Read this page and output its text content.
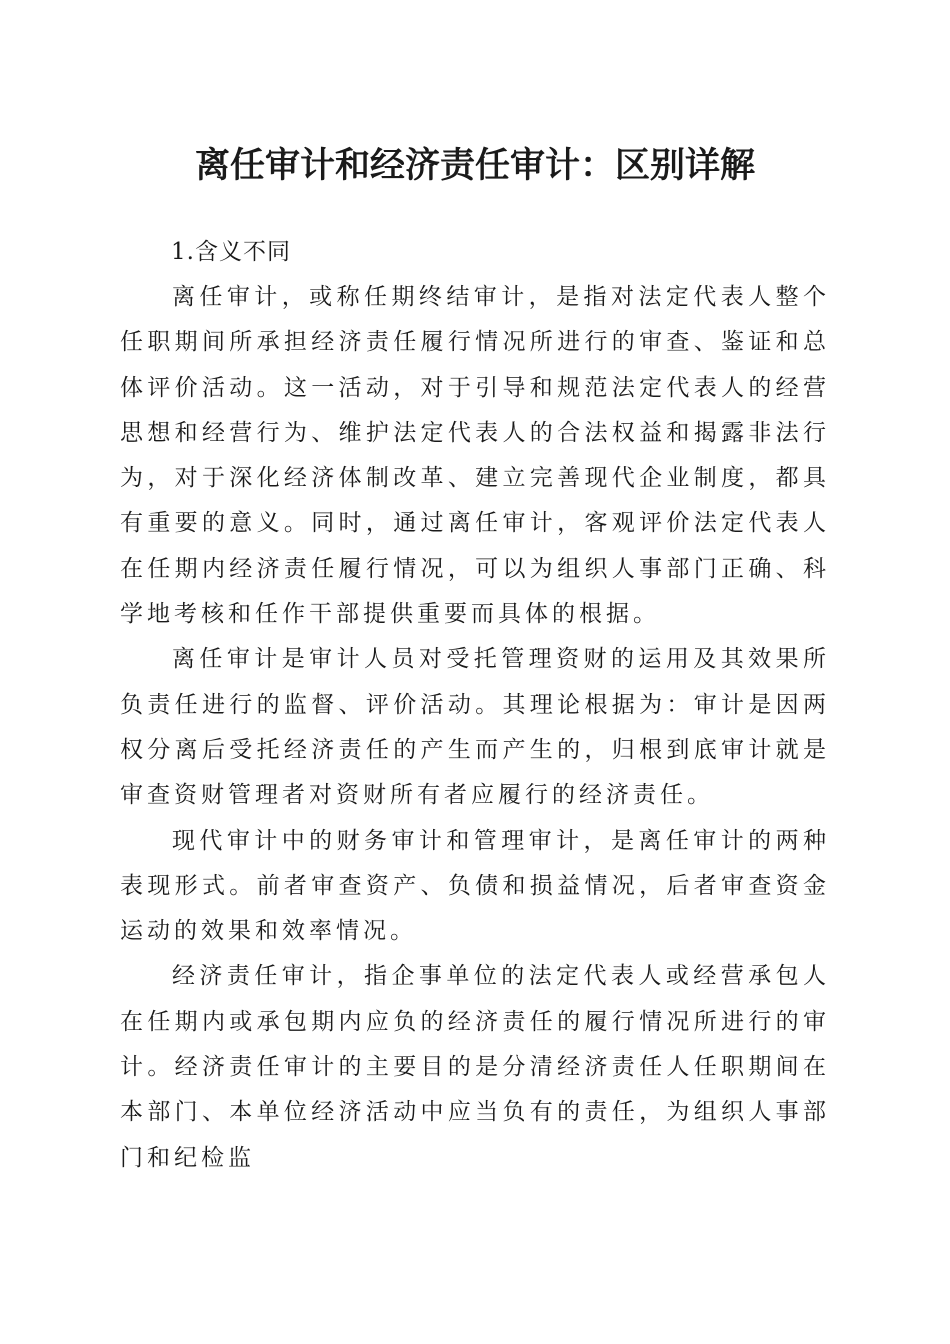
离任审计和经济责任审计：区别详解

1.含义不同

离任审计，或称任期终结审计，是指对法定代表人整个任职期间所承担经济责任履行情况所进行的审查、鉴证和总体评价活动。这一活动，对于引导和规范法定代表人的经营思想和经营行为、维护法定代表人的合法权益和揭露非法行为，对于深化经济体制改革、建立完善现代企业制度，都具有重要的意义。同时，通过离任审计，客观评价法定代表人在任期内经济责任履行情况，可以为组织人事部门正确、科学地考核和任作干部提供重要而具体的根据。

离任审计是审计人员对受托管理资财的运用及其效果所负责任进行的监督、评价活动。其理论根据为：审计是因两权分离后受托经济责任的产生而产生的，归根到底审计就是审查资财管理者对资财所有者应履行的经济责任。

现代审计中的财务审计和管理审计，是离任审计的两种表现形式。前者审查资产、负债和损益情况，后者审查资金运动的效果和效率情况。

经济责任审计，指企事单位的法定代表人或经营承包人在任期内或承包期内应负的经济责任的履行情况所进行的审计。经济责任审计的主要目的是分清经济责任人任职期间在本部门、本单位经济活动中应当负有的责任，为组织人事部门和纪检监
